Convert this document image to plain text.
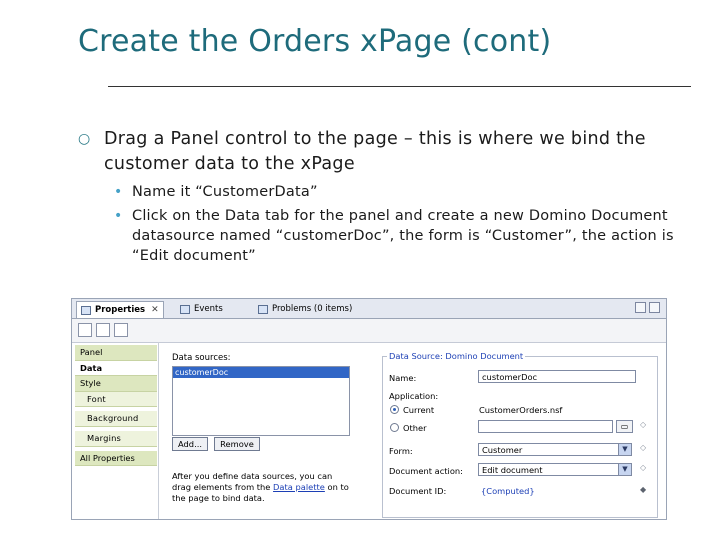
Create the Orders xPage (cont)
○ Drag a Panel control to the page – this is where we bind the customer data to the xPage
• Name it “CustomerData”
• Click on the Data tab for the panel and create a new Domino Document datasource named “customerDoc”, the form is “Customer”, the action is “Edit document”
Properties ✕	Events	Problems (0 items)
Panel
Data
Style
Font
Background
Margins
All Properties
Data sources:
customerDoc
Add...	Remove
After you define data sources, you can drag elements from the Data palette on to the page to bind data.
Data Source: Domino Document
Name:	customerDoc
Application:
Current	CustomerOrders.nsf
Other	▭	◇
Form:	Customer	▼	◇
Document action:	Edit document	▼	◇
Document ID:	{Computed}	◆
